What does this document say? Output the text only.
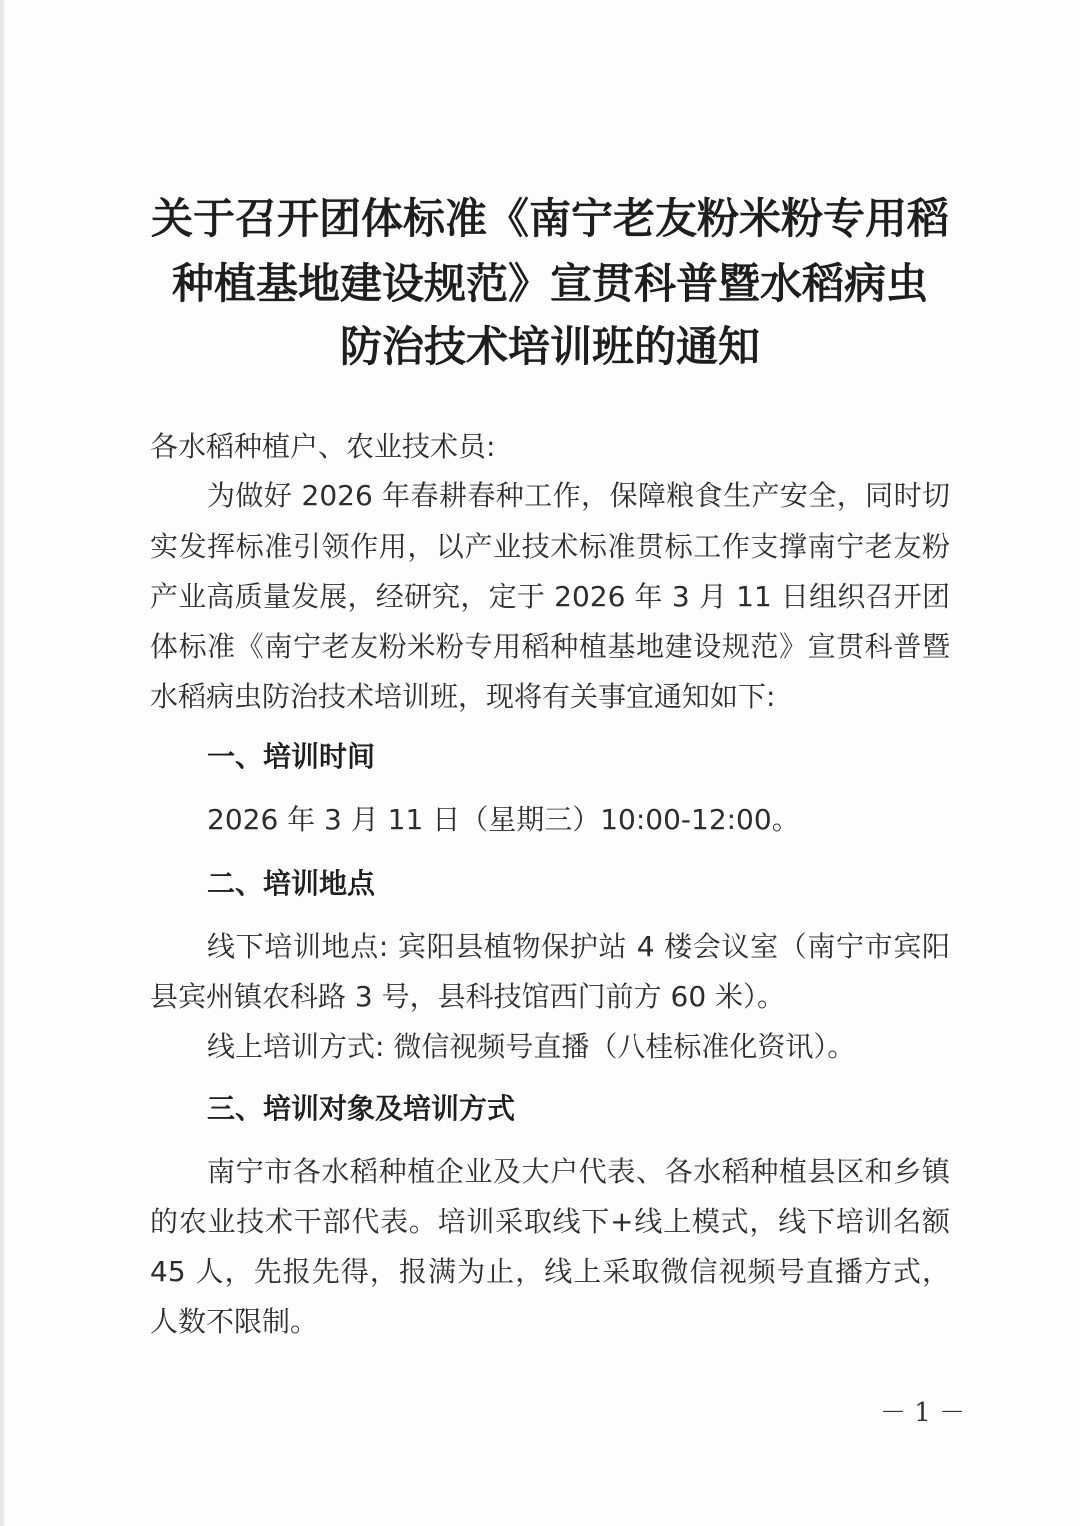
关于召开团体标准《南宁老友粉米粉专用稻
种植基地建设规范》宣贯科普暨水稻病虫
防治技术培训班的通知
各水稻种植户、农业技术员:
为做好 2026 年春耕春种工作，保障粮食生产安全，同时切
实发挥标准引领作用，以产业技术标准贯标工作支撑南宁老友粉
产业高质量发展，经研究，定于 2026 年 3 月 11 日组织召开团
体标准《南宁老友粉米粉专用稻种植基地建设规范》宣贯科普暨
水稻病虫防治技术培训班，现将有关事宜通知如下:
一、培训时间
2026 年 3 月 11 日（星期三）10:00-12:00。
二、培训地点
线下培训地点: 宾阳县植物保护站 4 楼会议室（南宁市宾阳
县宾州镇农科路 3 号，县科技馆西门前方 60 米）。
线上培训方式: 微信视频号直播（八桂标准化资讯）。
三、培训对象及培训方式
南宁市各水稻种植企业及大户代表、各水稻种植县区和乡镇
的农业技术干部代表。培训采取线下+线上模式，线下培训名额
45 人，先报先得，报满为止，线上采取微信视频号直播方式，
人数不限制。
－ 1 －
